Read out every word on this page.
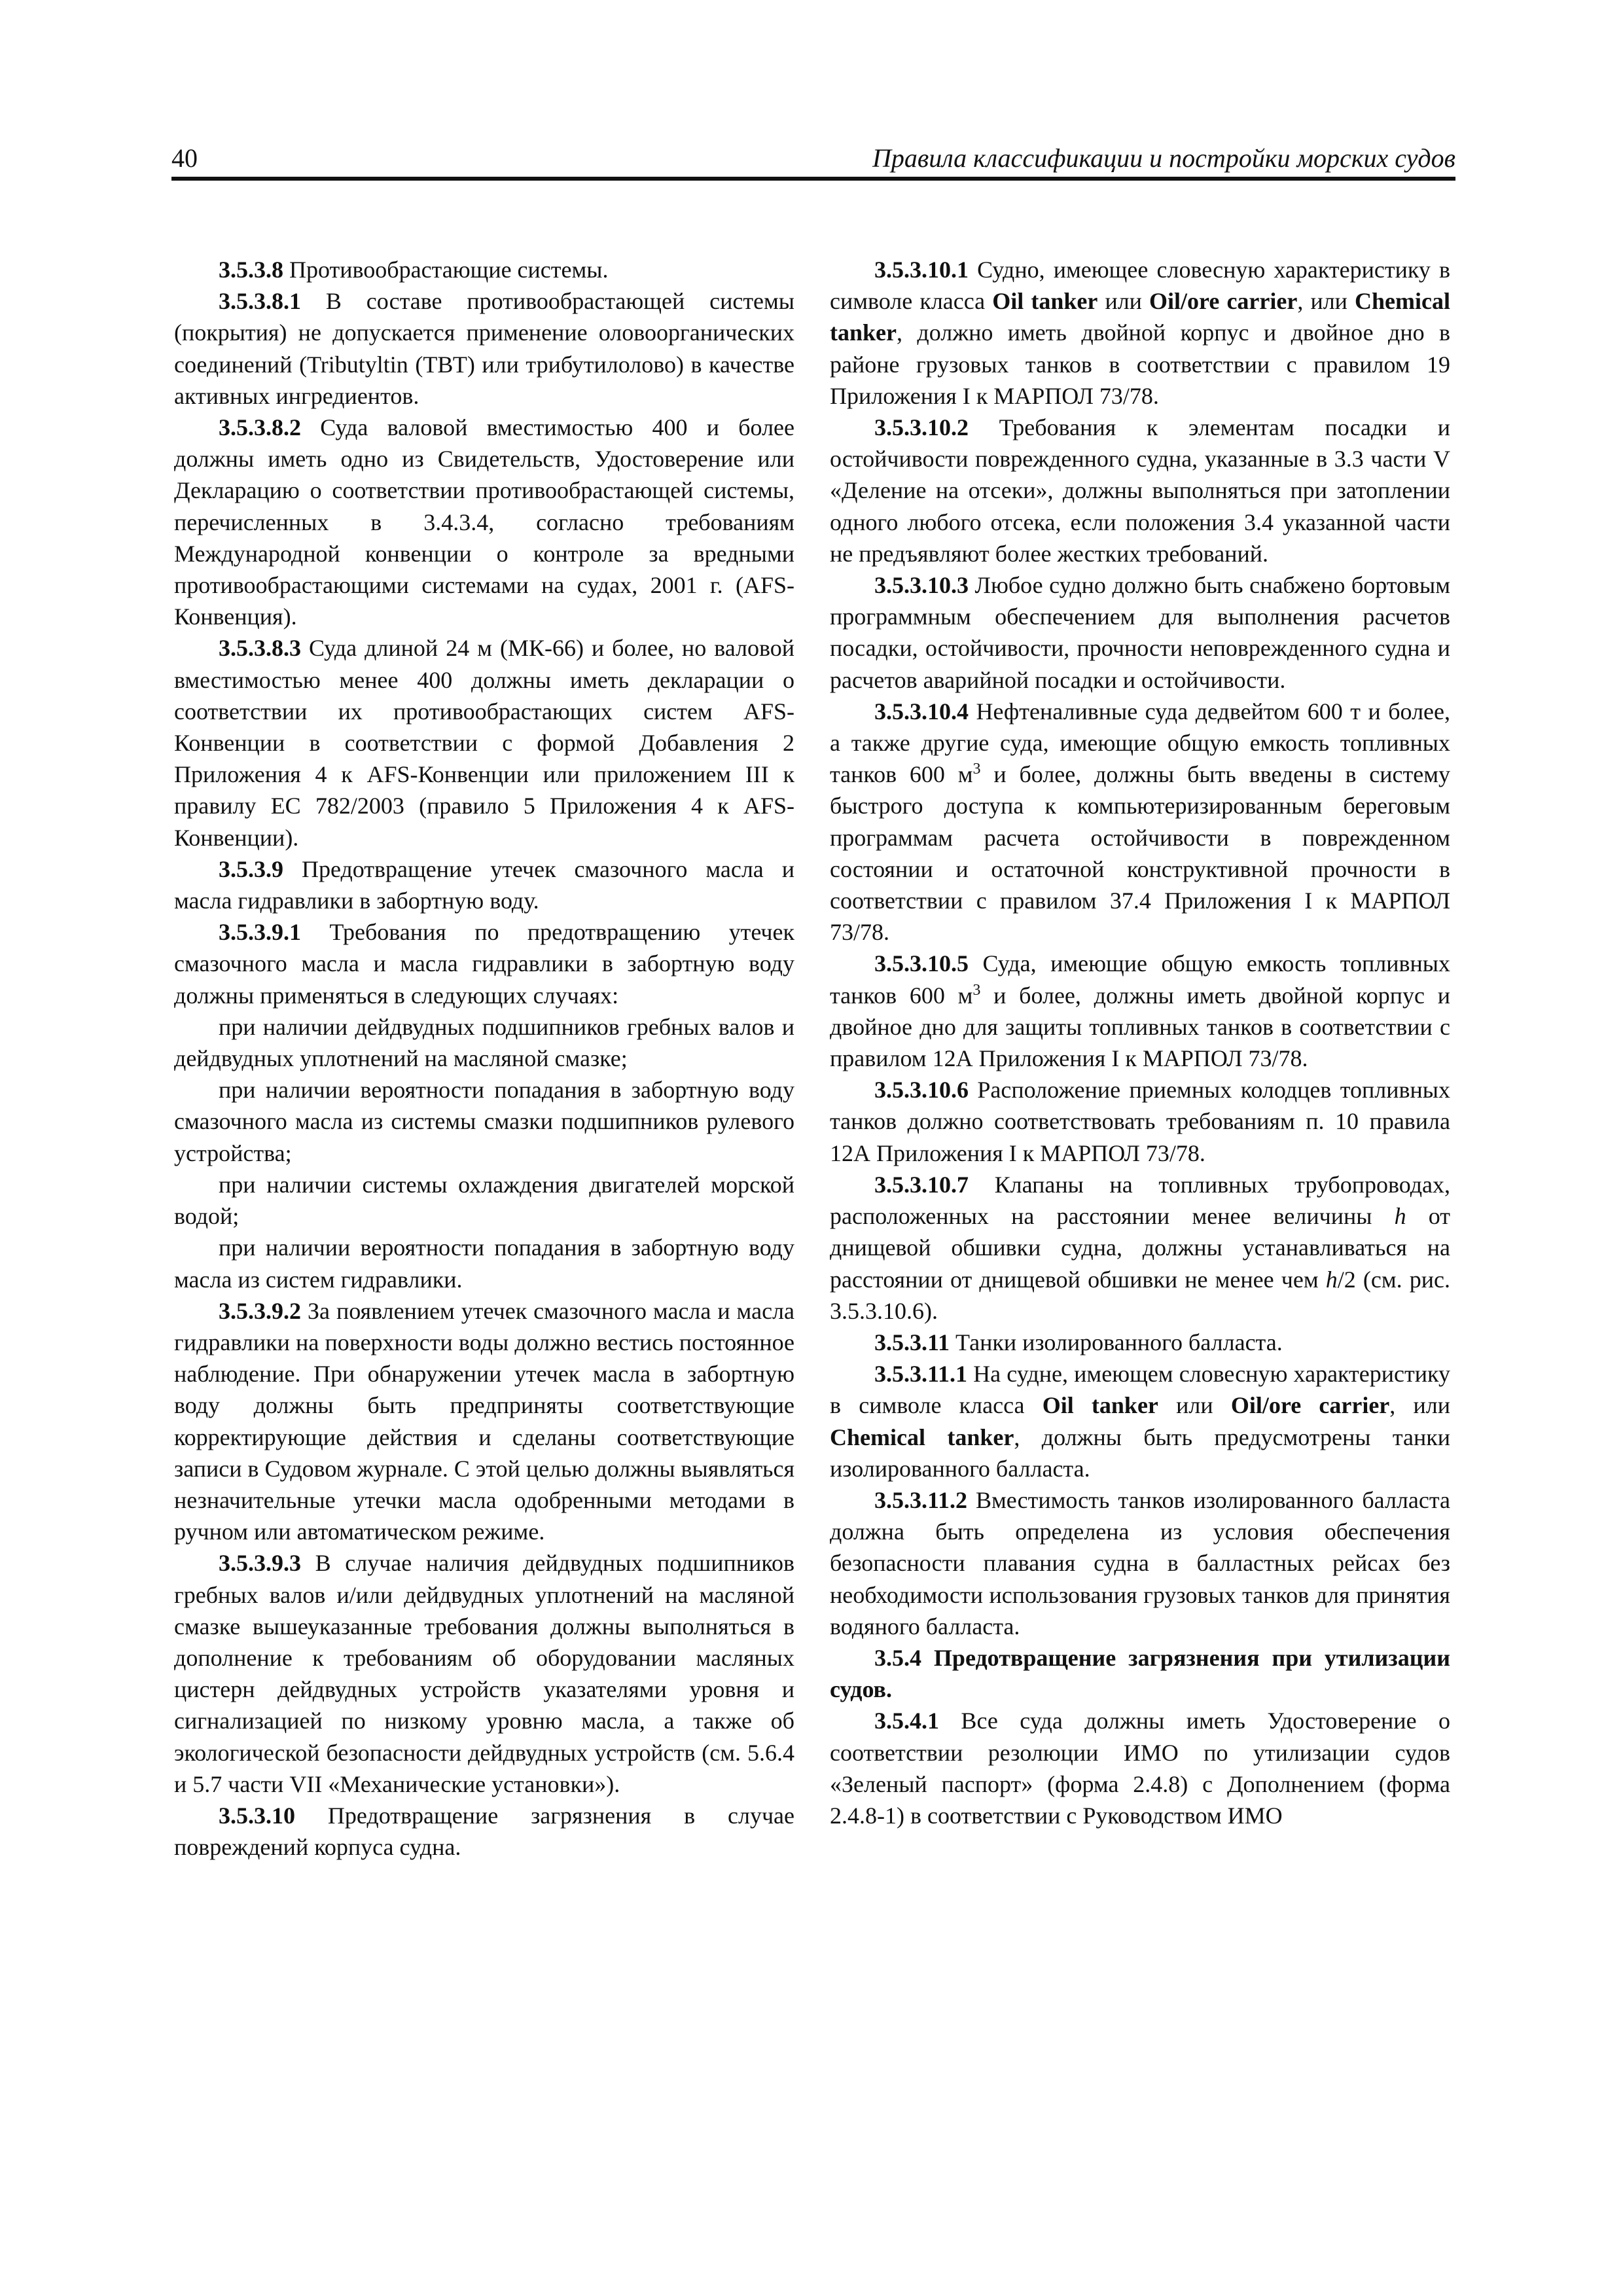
40	Правила классификации и постройки морских судов

3.5.3.8 Противообрастающие системы.

3.5.3.8.1 В составе противообрастающей системы (покрытия) не допускается применение оловоорганических соединений (Tributyltin (ТВТ) или трибутилолово) в качестве активных ингредиентов.

3.5.3.8.2 Суда валовой вместимостью 400 и более должны иметь одно из Свидетельств, Удостоверение или Декларацию о соответствии противообрастающей системы, перечисленных в 3.4.3.4, согласно требованиям Международной конвенции о контроле за вредными противообрастающими системами на судах, 2001 г. (AFS-Конвенция).

3.5.3.8.3 Суда длиной 24 м (МК-66) и более, но валовой вместимостью менее 400 должны иметь декларации о соответствии их противообрастающих систем AFS-Конвенции в соответствии с формой Добавления 2 Приложения 4 к AFS-Конвенции или приложением III к правилу ЕС 782/2003 (правило 5 Приложения 4 к AFS-Конвенции).

3.5.3.9 Предотвращение утечек смазочного масла и масла гидравлики в забортную воду.

3.5.3.9.1 Требования по предотвращению утечек смазочного масла и масла гидравлики в забортную воду должны применяться в следующих случаях:

при наличии дейдвудных подшипников гребных валов и дейдвудных уплотнений на масляной смазке;

при наличии вероятности попадания в забортную воду смазочного масла из системы смазки подшипников рулевого устройства;

при наличии системы охлаждения двигателей морской водой;

при наличии вероятности попадания в забортную воду масла из систем гидравлики.

3.5.3.9.2 За появлением утечек смазочного масла и масла гидравлики на поверхности воды должно вестись постоянное наблюдение. При обнаружении утечек масла в забортную воду должны быть предприняты соответствующие корректирующие действия и сделаны соответствующие записи в Судовом журнале. С этой целью должны выявляться незначительные утечки масла одобренными методами в ручном или автоматическом режиме.

3.5.3.9.3 В случае наличия дейдвудных подшипников гребных валов и/или дейдвудных уплотнений на масляной смазке вышеуказанные требования должны выполняться в дополнение к требованиям об оборудовании масляных цистерн дейдвудных устройств указателями уровня и сигнализацией по низкому уровню масла, а также об экологической безопасности дейдвудных устройств (см. 5.6.4 и 5.7 части VII «Механические установки»).

3.5.3.10 Предотвращение загрязнения в случае повреждений корпуса судна.

3.5.3.10.1 Судно, имеющее словесную характеристику в символе класса Oil tanker или Oil/ore carrier, или Chemical tanker, должно иметь двойной корпус и двойное дно в районе грузовых танков в соответствии с правилом 19 Приложения I к МАРПОЛ 73/78.

3.5.3.10.2 Требования к элементам посадки и остойчивости поврежденного судна, указанные в 3.3 части V «Деление на отсеки», должны выполняться при затоплении одного любого отсека, если положения 3.4 указанной части не предъявляют более жестких требований.

3.5.3.10.3 Любое судно должно быть снабжено бортовым программным обеспечением для выполнения расчетов посадки, остойчивости, прочности неповрежденного судна и расчетов аварийной посадки и остойчивости.

3.5.3.10.4 Нефтеналивные суда дедвейтом 600 т и более, а также другие суда, имеющие общую емкость топливных танков 600 $м^3$ и более, должны быть введены в систему быстрого доступа к компьютеризированным береговым программам расчета остойчивости в поврежденном состоянии и остаточной конструктивной прочности в соответствии с правилом 37.4 Приложения I к МАРПОЛ 73/78.

3.5.3.10.5 Суда, имеющие общую емкость топливных танков 600 $м^3$ и более, должны иметь двойной корпус и двойное дно для защиты топливных танков в соответствии с правилом 12А Приложения I к МАРПОЛ 73/78.

3.5.3.10.6 Расположение приемных колодцев топливных танков должно соответствовать требованиям п. 10 правила 12А Приложения I к МАРПОЛ 73/78.

3.5.3.10.7 Клапаны на топливных трубопроводах, расположенных на расстоянии менее величины h от днищевой обшивки судна, должны устанавливаться на расстоянии от днищевой обшивки не менее чем h/2 (см. рис. 3.5.3.10.6).

3.5.3.11 Танки изолированного балласта.

3.5.3.11.1 На судне, имеющем словесную характеристику в символе класса Oil tanker или Oil/ore carrier, или Chemical tanker, должны быть предусмотрены танки изолированного балласта.

3.5.3.11.2 Вместимость танков изолированного балласта должна быть определена из условия обеспечения безопасности плавания судна в балластных рейсах без необходимости использования грузовых танков для принятия водяного балласта.

3.5.4 Предотвращение загрязнения при утилизации судов.

3.5.4.1 Все суда должны иметь Удостоверение о соответствии резолюции ИМО по утилизации судов «Зеленый паспорт» (форма 2.4.8) с Дополнением (форма 2.4.8-1) в соответствии с Руководством ИМО
